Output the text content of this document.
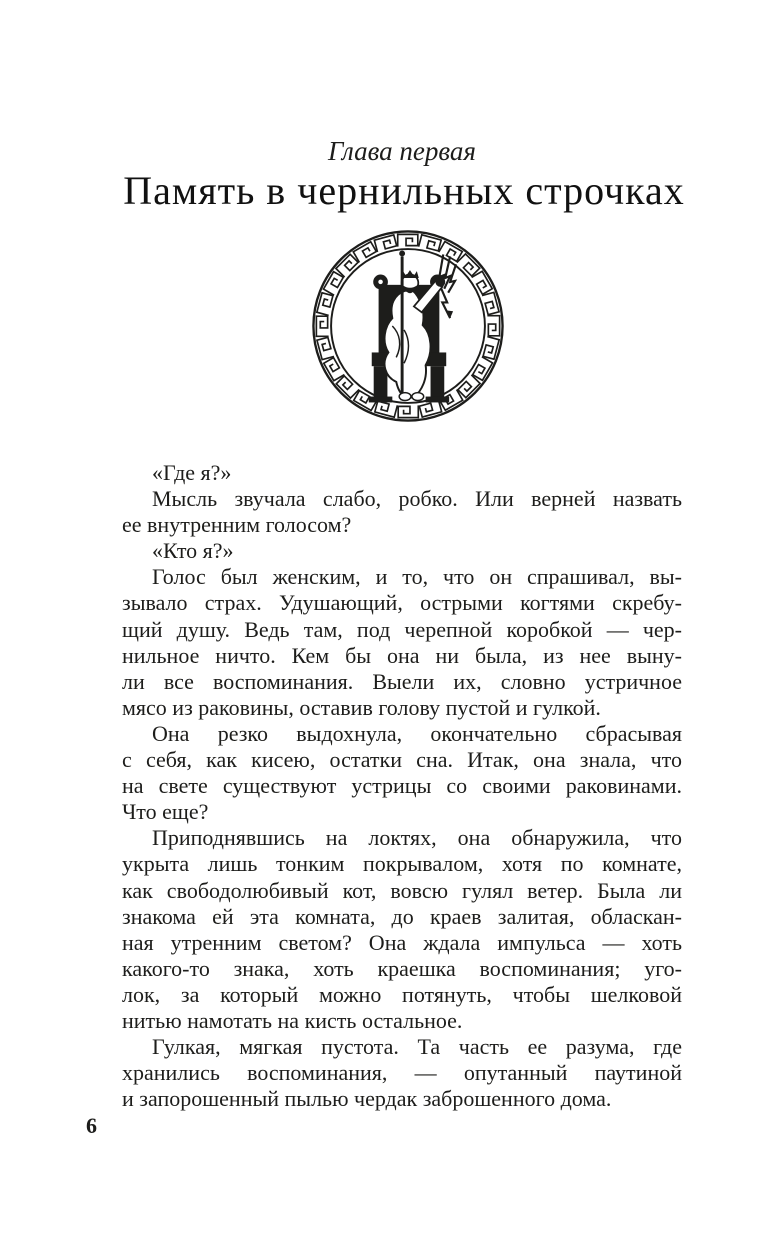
Глава первая
Память в чернильных строчках
«Где я?»
Мысль звучала слабо, робко. Или верней назвать
ее внутренним голосом?
«Кто я?»
Голос был женским, и то, что он спрашивал, вы-
зывало страх. Удушающий, острыми когтями скребу-
щий душу. Ведь там, под черепной коробкой — чер-
нильное ничто. Кем бы она ни была, из нее выну-
ли все воспоминания. Выели их, словно устричное
мясо из раковины, оставив голову пустой и гулкой.
Она резко выдохнула, окончательно сбрасывая
с себя, как кисею, остатки сна. Итак, она знала, что
на свете существуют устрицы со своими раковинами.
Что еще?
Приподнявшись на локтях, она обнаружила, что
укрыта лишь тонким покрывалом, хотя по комнате,
как свободолюбивый кот, вовсю гулял ветер. Была ли
знакома ей эта комната, до краев залитая, обласкан-
ная утренним светом? Она ждала импульса — хоть
какого-то знака, хоть краешка воспоминания; уго-
лок, за который можно потянуть, чтобы шелковой
нитью намотать на кисть остальное.
Гулкая, мягкая пустота. Та часть ее разума, где
хранились воспоминания, — опутанный паутиной
и запорошенный пылью чердак заброшенного дома.
6
